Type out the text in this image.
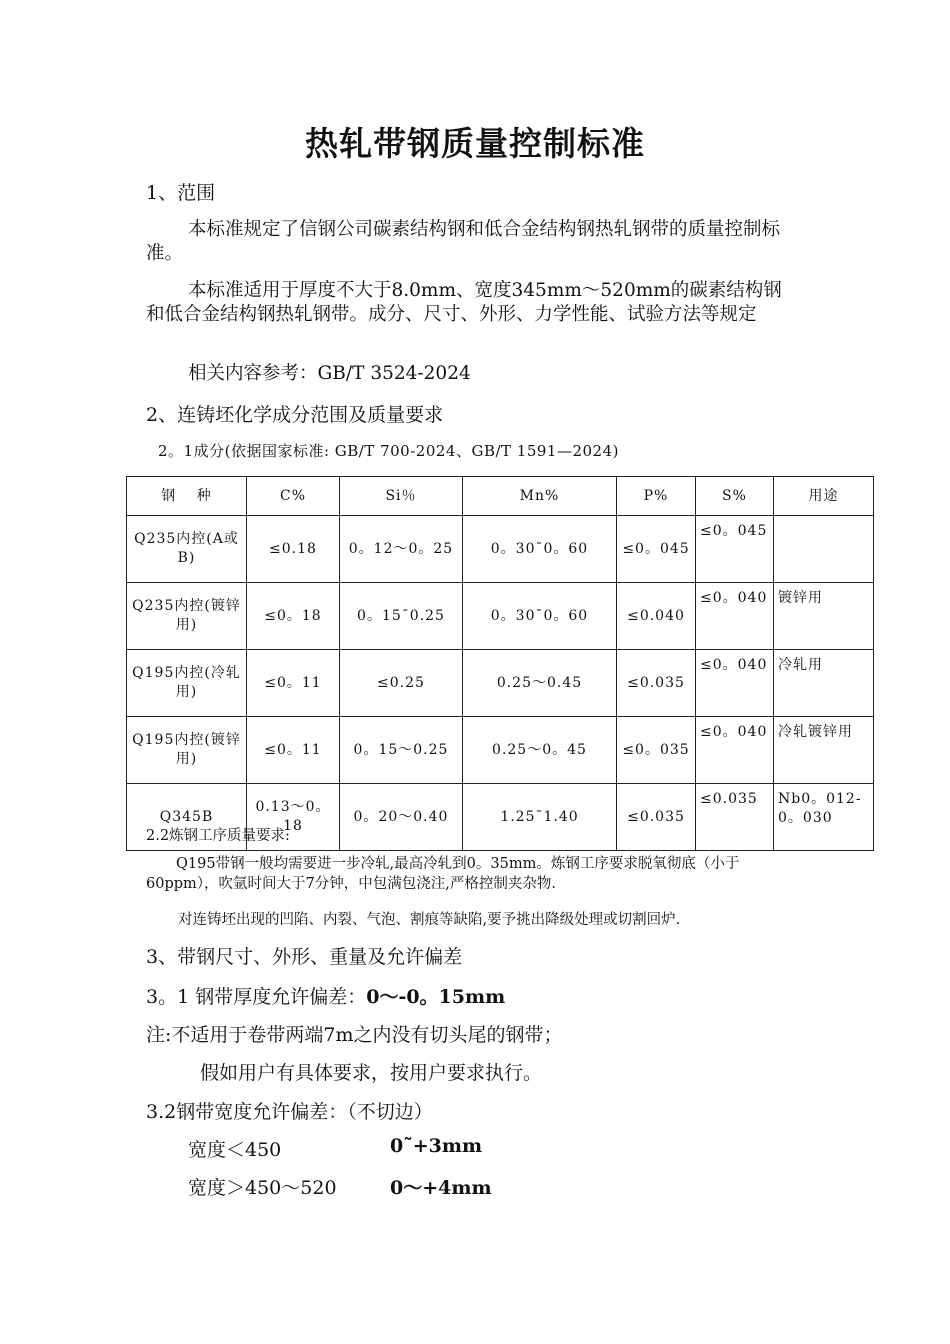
热轧带钢质量控制标准
1、范围
本标准规定了信钢公司碳素结构钢和低合金结构钢热轧钢带的质量控制标准。
本标准适用于厚度不大于8.0mm、宽度345mm～520mm的碳素结构钢和低合金结构钢热轧钢带。成分、尺寸、外形、力学性能、试验方法等规定
相关内容参考：GB/T 3524-2024
2、连铸坯化学成分范围及质量要求
2。1成分(依据国家标准: GB/T 700-2024、GB/T 1591—2024)
钢　 种	C%	Si％	Mn%	P%	S%	用途
Q235内控(A或B)	≤0.18	0。12～0。25	0。30¯0。60	≤0。045	≤0。045	
Q235内控(镀锌用)	≤0。18	0。15¯0.25	0。30¯0。60	≤0.040	≤0。040	镀锌用
Q195内控(冷轧用)	≤0。11	≤0.25	0.25～0.45	≤0.035	≤0。040	冷轧用
Q195内控(镀锌用)	≤0。11	0。15～0.25	0.25～0。45	≤0。035	≤0。040	冷轧镀锌用
Q345B	0.13～0。18	0。20～0.40	1.25¯1.40	≤0.035	≤0.035	Nb0。012-0。030
2.2炼钢工序质量要求:
Q195带钢一般均需要进一步冷轧,最高冷轧到0。35mm。炼钢工序要求脱氧彻底（小于60ppm），吹氩时间大于7分钟，中包满包浇注,严格控制夹杂物.
对连铸坯出现的凹陷、内裂、气泡、割痕等缺陷,要予挑出降级处理或切割回炉.
3、带钢尺寸、外形、重量及允许偏差
3。1 钢带厚度允许偏差：0～-0。15mm
注:不适用于卷带两端7m之内没有切头尾的钢带；
假如用户有具体要求，按用户要求执行。
3.2钢带宽度允许偏差：（不切边）
宽度＜450	0˜+3mm
宽度＞450～520	0～+4mm
